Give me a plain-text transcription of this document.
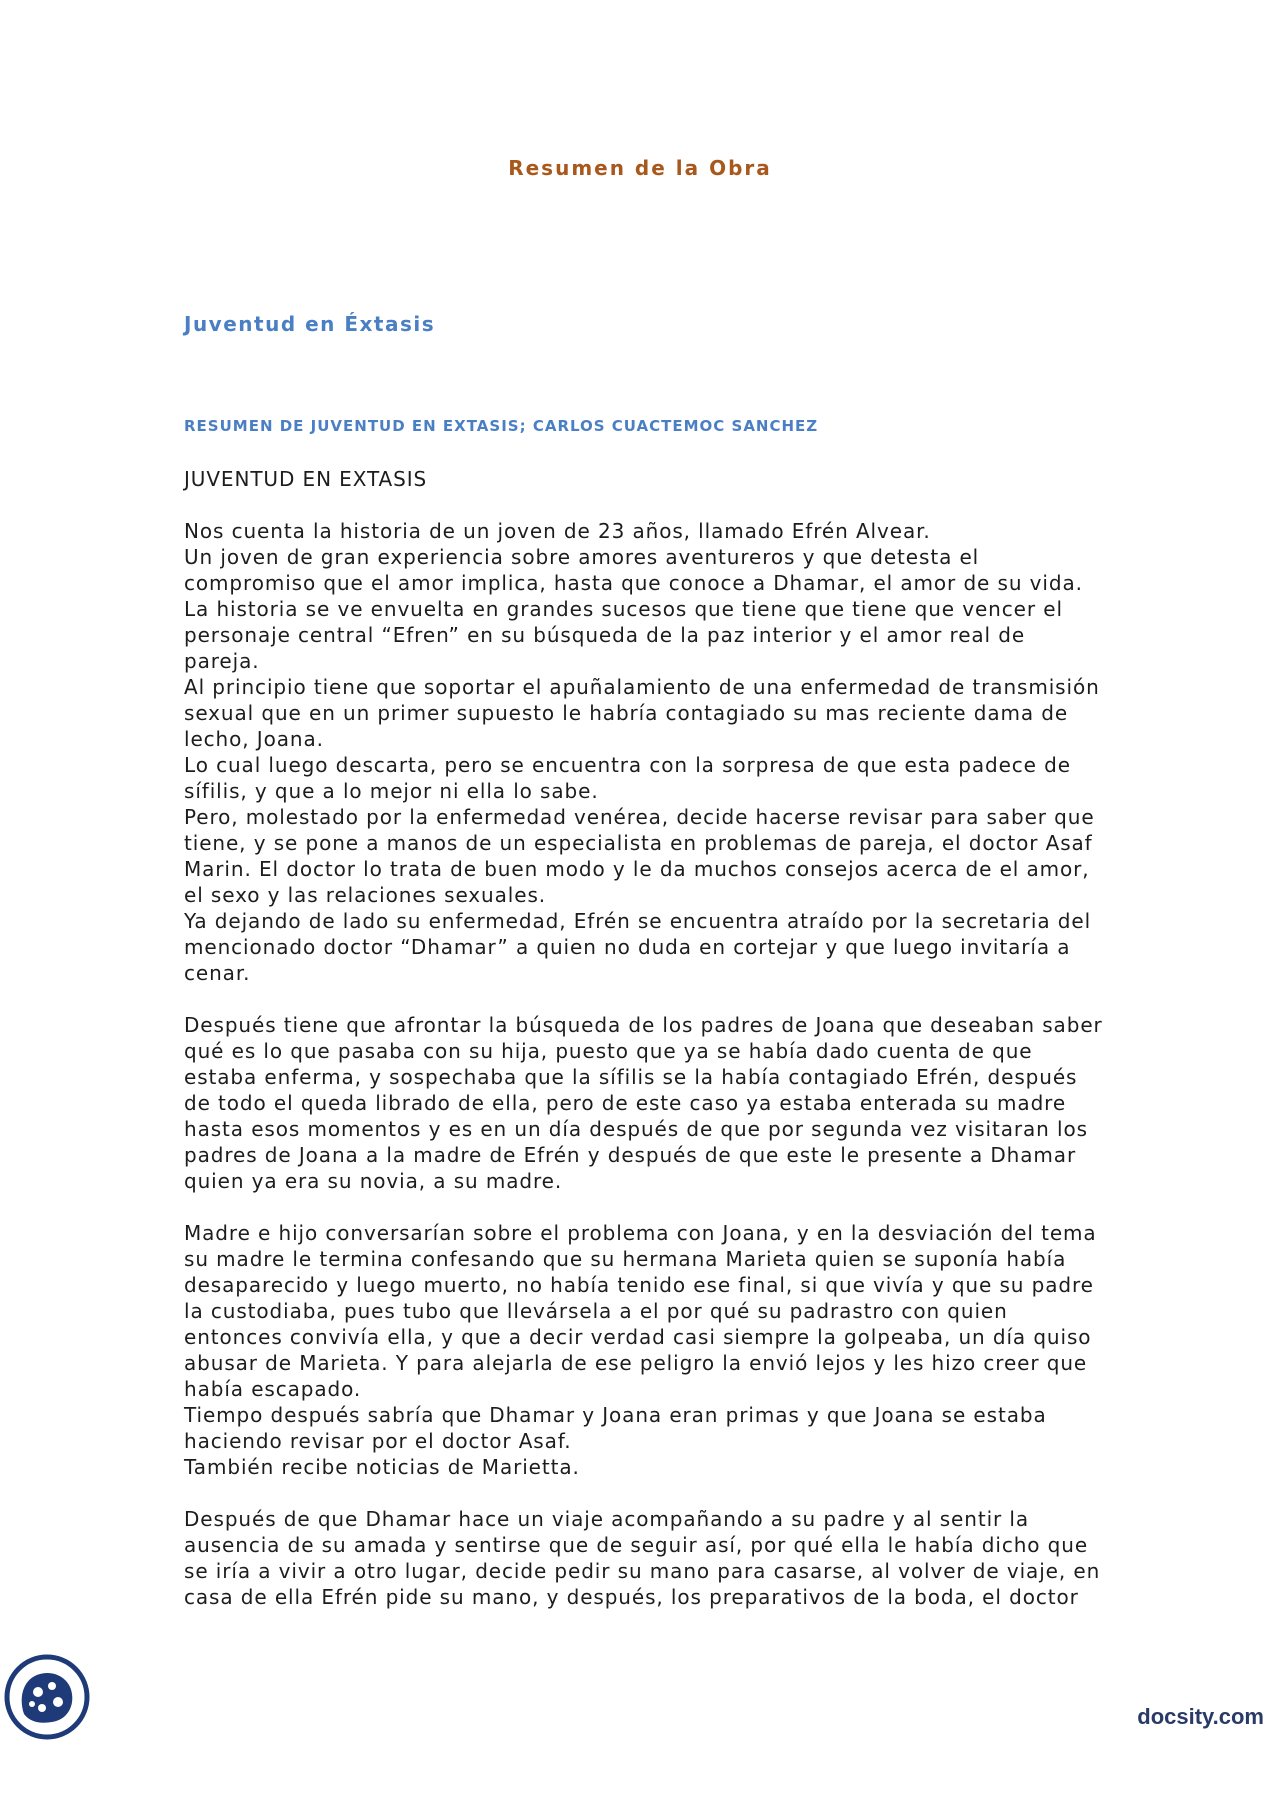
Resumen de la Obra
Juventud en Éxtasis
RESUMEN DE JUVENTUD EN EXTASIS; CARLOS CUACTEMOC SANCHEZ

JUVENTUD EN EXTASIS

Nos cuenta la historia de un joven de 23 años, llamado Efrén Alvear.

Un joven de gran experiencia sobre amores aventureros y que detesta el

compromiso que el amor implica, hasta que conoce a Dhamar, el amor de su vida.

La historia se ve envuelta en grandes sucesos que tiene que tiene que vencer el

personaje central “Efren” en su búsqueda de la paz interior y el amor real de

pareja.

Al principio tiene que soportar el apuñalamiento de una enfermedad de transmisión

sexual que en un primer supuesto le habría contagiado su mas reciente dama de

lecho, Joana.

Lo cual luego descarta, pero se encuentra con la sorpresa de que esta padece de

sífilis, y que a lo mejor ni ella lo sabe.

Pero, molestado por la enfermedad venérea, decide hacerse revisar para saber que

tiene, y se pone a manos de un especialista en problemas de pareja, el doctor Asaf

Marin. El doctor lo trata de buen modo y le da muchos consejos acerca de el amor,

el sexo y las relaciones sexuales.

Ya dejando de lado su enfermedad, Efrén se encuentra atraído por la secretaria del

mencionado doctor “Dhamar” a quien no duda en cortejar y que luego invitaría a

cenar.

Después tiene que afrontar la búsqueda de los padres de Joana que deseaban saber

qué es lo que pasaba con su hija, puesto que ya se había dado cuenta de que

estaba enferma, y sospechaba que la sífilis se la había contagiado Efrén, después

de todo el queda librado de ella, pero de este caso ya estaba enterada su madre

hasta esos momentos y es en un día después de que por segunda vez visitaran los

padres de Joana a la madre de Efrén y después de que este le presente a Dhamar

quien ya era su novia, a su madre.

Madre e hijo conversarían sobre el problema con Joana, y en la desviación del tema

su madre le termina confesando que su hermana Marieta quien se suponía había

desaparecido y luego muerto, no había tenido ese final, si que vivía y que su padre

la custodiaba, pues tubo que llevársela a el por qué su padrastro con quien

entonces convivía ella, y que a decir verdad casi siempre la golpeaba, un día quiso

abusar de Marieta. Y para alejarla de ese peligro la envió lejos y les hizo creer que

había escapado.

Tiempo después sabría que Dhamar y Joana eran primas y que Joana se estaba

haciendo revisar por el doctor Asaf.

También recibe noticias de Marietta.

Después de que Dhamar hace un viaje acompañando a su padre y al sentir la

ausencia de su amada y sentirse que de seguir así, por qué ella le había dicho que

se iría a vivir a otro lugar, decide pedir su mano para casarse, al volver de viaje, en

casa de ella Efrén pide su mano, y después, los preparativos de la boda, el doctor

docsity.com
